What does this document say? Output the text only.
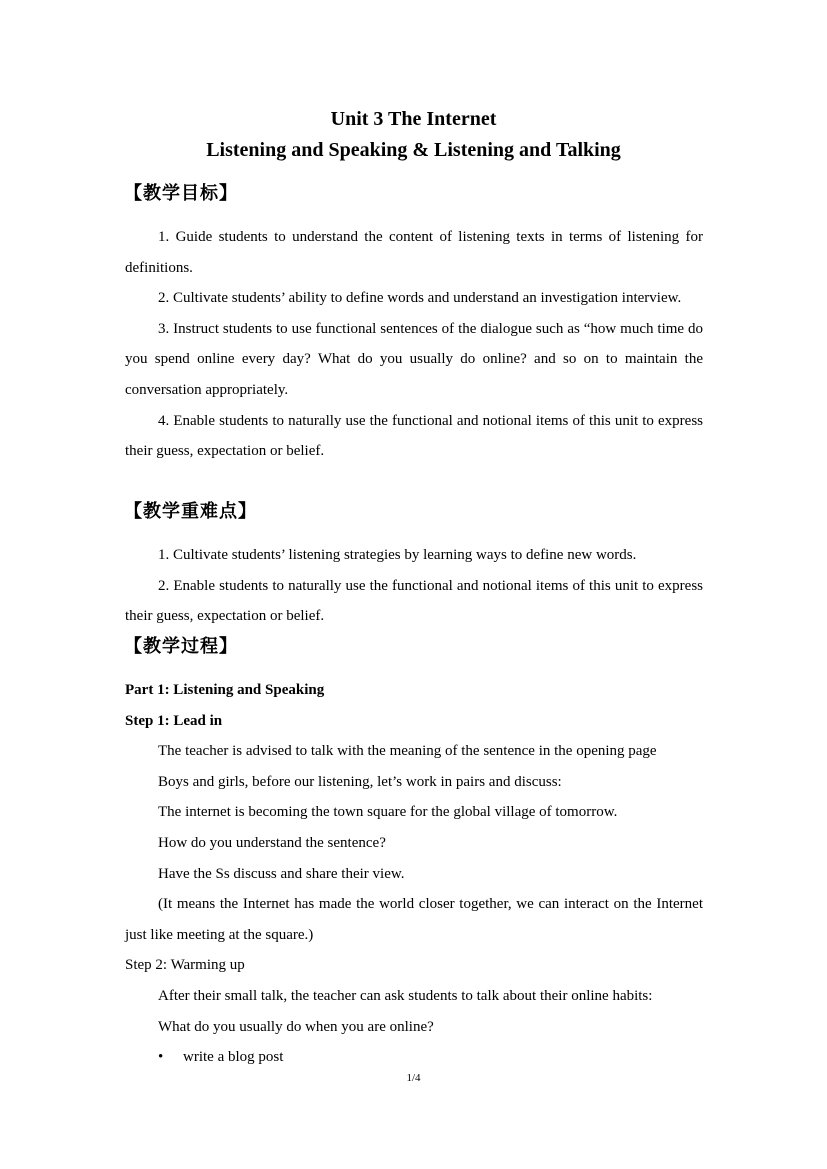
Unit 3 The Internet
Listening and Speaking & Listening and Talking
【教学目标】

1. Guide students to understand the content of listening texts in terms of listening for definitions.

2. Cultivate students’ ability to define words and understand an investigation interview.

3. Instruct students to use functional sentences of the dialogue such as “how much time do you spend online every day? What do you usually do online? and so on to maintain the conversation appropriately.

4. Enable students to naturally use the functional and notional items of this unit to express their guess, expectation or belief.

【教学重难点】

1. Cultivate students’ listening strategies by learning ways to define new words.

2. Enable students to naturally use the functional and notional items of this unit to express their guess, expectation or belief.

【教学过程】

Part 1: Listening and Speaking

Step 1: Lead in

The teacher is advised to talk with the meaning of the sentence in the opening page

Boys and girls, before our listening, let’s work in pairs and discuss:

The internet is becoming the town square for the global village of tomorrow.

How do you understand the sentence?

Have the Ss discuss and share their view.

(It means the Internet has made the world closer together, we can interact on the Internet just like meeting at the square.)

Step 2: Warming up

After their small talk, the teacher can ask students to talk about their online habits:

What do you usually do when you are online?

• write a blog post

1/4
